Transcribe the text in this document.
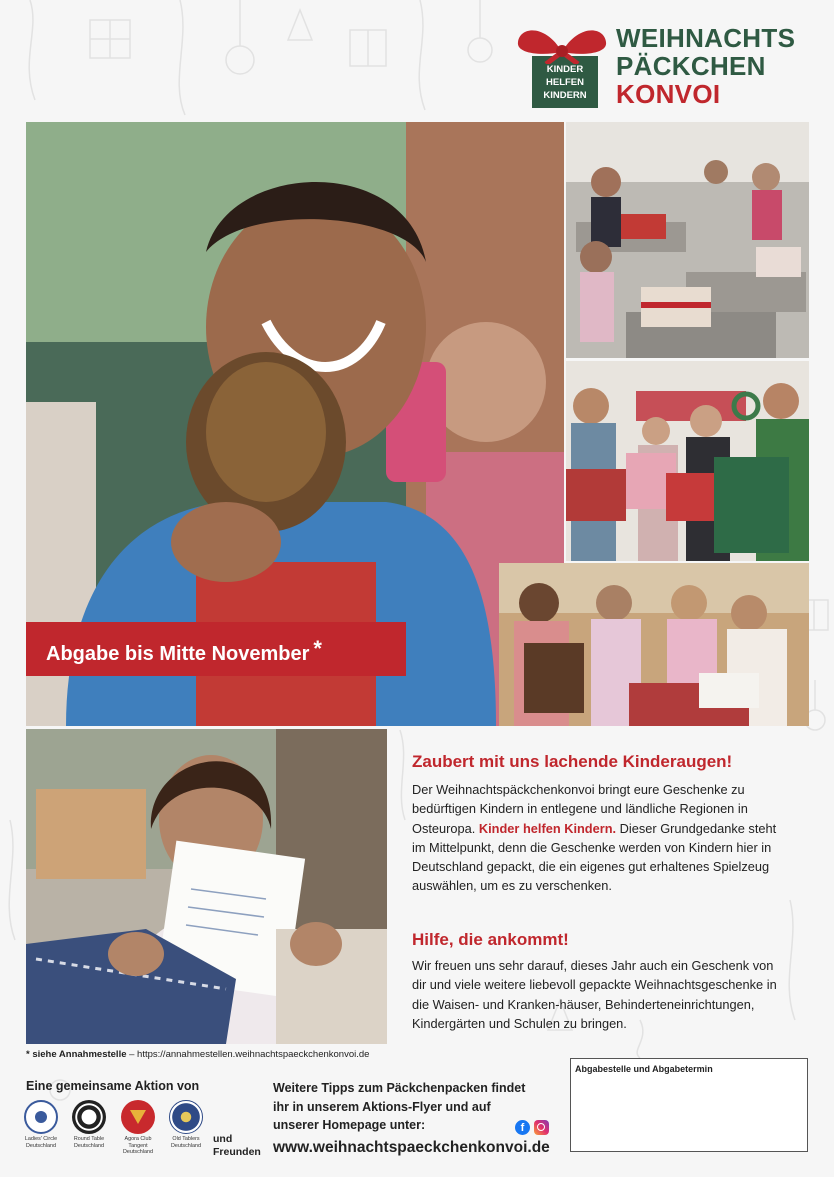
KINDER
HELFEN
KINDERN
WEIHNACHTS
PÄCKCHEN
KONVOI
Abgabe bis Mitte November *
Zaubert mit uns lachende Kinderaugen!
Der Weihnachtspäckchenkonvoi bringt eure Geschenke zu bedürftigen Kindern in entlegene und ländliche Regionen in Osteuropa. Kinder helfen Kindern. Dieser Grundgedanke steht im Mittelpunkt, denn die Geschenke werden von Kindern hier in Deutschland gepackt, die ein eigenes gut erhaltenes Spielzeug auswählen, um es zu verschenken.
Hilfe, die ankommt!
Wir freuen uns sehr darauf, dieses Jahr auch ein Geschenk von dir und viele weitere liebevoll gepackte Weihnachtsgeschenke in die Waisen- und Kranken-häuser, Behinderteneinrichtungen, Kindergärten und Schulen zu bringen.
* siehe Annahmestelle – https://annahmestellen.weihnachtspaeckchenkonvoi.de
Eine gemeinsame Aktion von
Ladies' Circle Deutschland
Round Table Deutschland
Agora Club Tangent Deutschland
Old Tablers Deutschland
und Freunden
Weitere Tipps zum Päckchenpacken findet ihr in unserem Aktions-Flyer und auf unserer Homepage unter:	f
www.weihnachtspaeckchenkonvoi.de
Abgabestelle und Abgabetermin
